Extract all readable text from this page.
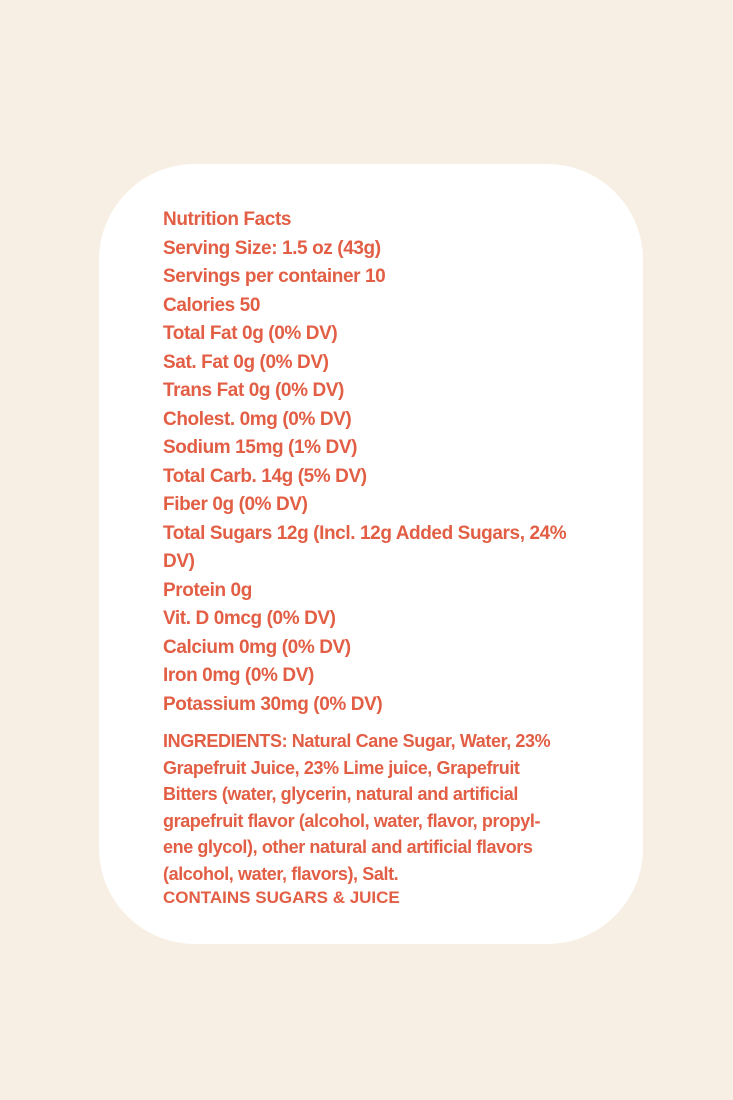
Nutrition Facts
Serving Size: 1.5 oz (43g)
Servings per container 10
Calories 50
Total Fat 0g (0% DV)
Sat. Fat 0g (0% DV)
Trans Fat 0g (0% DV)
Cholest. 0mg (0% DV)
Sodium 15mg (1% DV)
Total Carb. 14g (5% DV)
Fiber 0g (0% DV)
Total Sugars 12g (Incl. 12g Added Sugars, 24% DV)
Protein 0g
Vit. D 0mcg (0% DV)
Calcium 0mg (0% DV)
Iron 0mg (0% DV)
Potassium 30mg (0% DV)
INGREDIENTS: Natural Cane Sugar, Water, 23%
Grapefruit Juice, 23% Lime juice, Grapefruit
Bitters (water, glycerin, natural and artificial
grapefruit flavor (alcohol, water, flavor, propyl-
ene glycol), other natural and artificial flavors
(alcohol, water, flavors), Salt.
CONTAINS SUGARS & JUICE
